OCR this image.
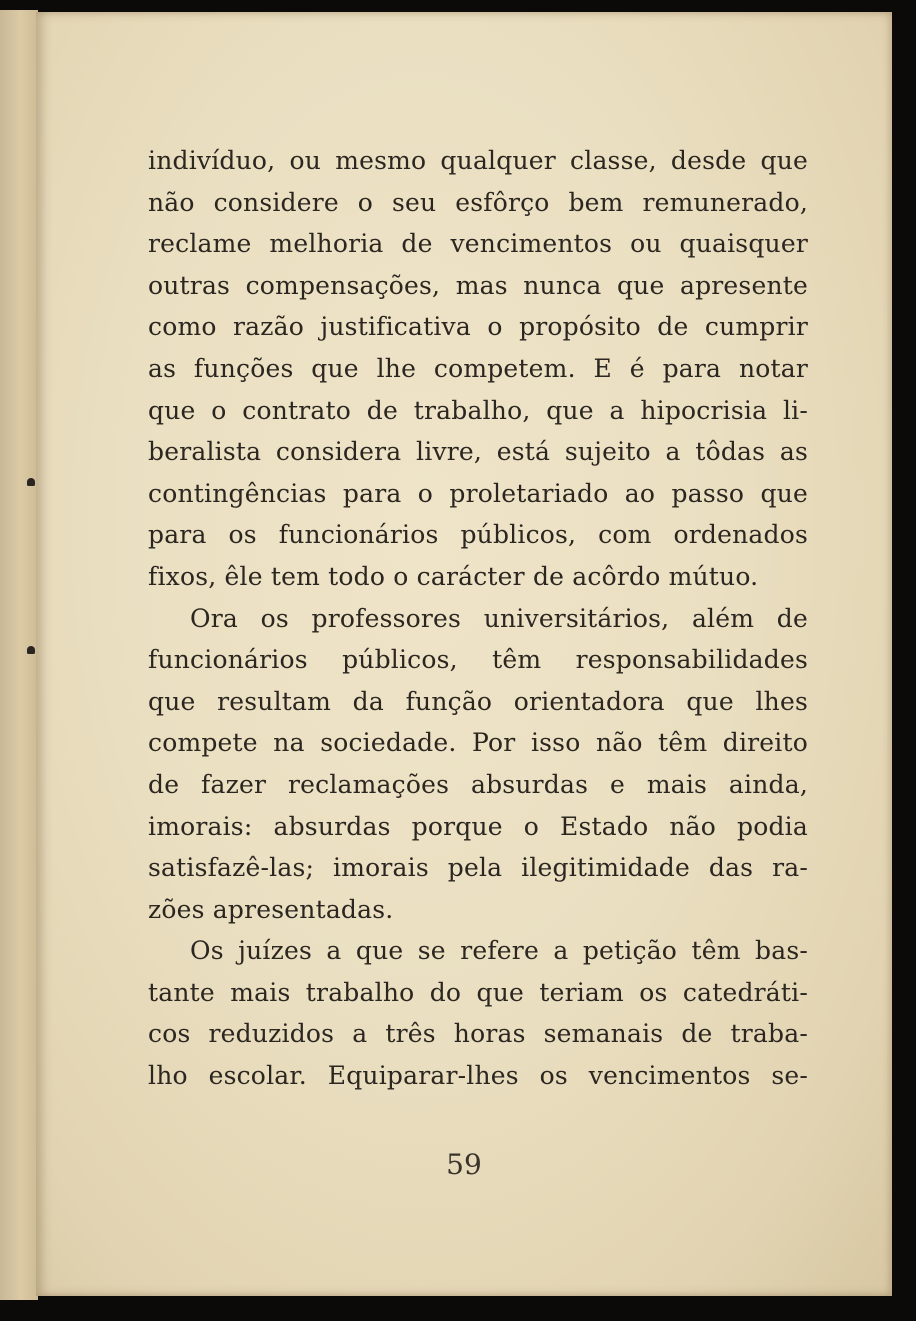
indivíduo, ou mesmo qualquer classe, desde que
não considere o seu esfôrço bem remunerado,
reclame melhoria de vencimentos ou quaisquer
outras compensações, mas nunca que apresente
como razão justificativa o propósito de cumprir
as funções que lhe competem. E é para notar
que o contrato de trabalho, que a hipocrisia li-
beralista considera livre, está sujeito a tôdas as
contingências para o proletariado ao passo que
para os funcionários públicos, com ordenados
fixos, êle tem todo o carácter de acôrdo mútuo.
Ora os professores universitários, além de
funcionários públicos, têm responsabilidades
que resultam da função orientadora que lhes
compete na sociedade. Por isso não têm direito
de fazer reclamações absurdas e mais ainda,
imorais: absurdas porque o Estado não podia
satisfazê-las; imorais pela ilegitimidade das ra-
zões apresentadas.
Os juízes a que se refere a petição têm bas-
tante mais trabalho do que teriam os catedráti-
cos reduzidos a três horas semanais de traba-
lho escolar. Equiparar-lhes os vencimentos se-
59
